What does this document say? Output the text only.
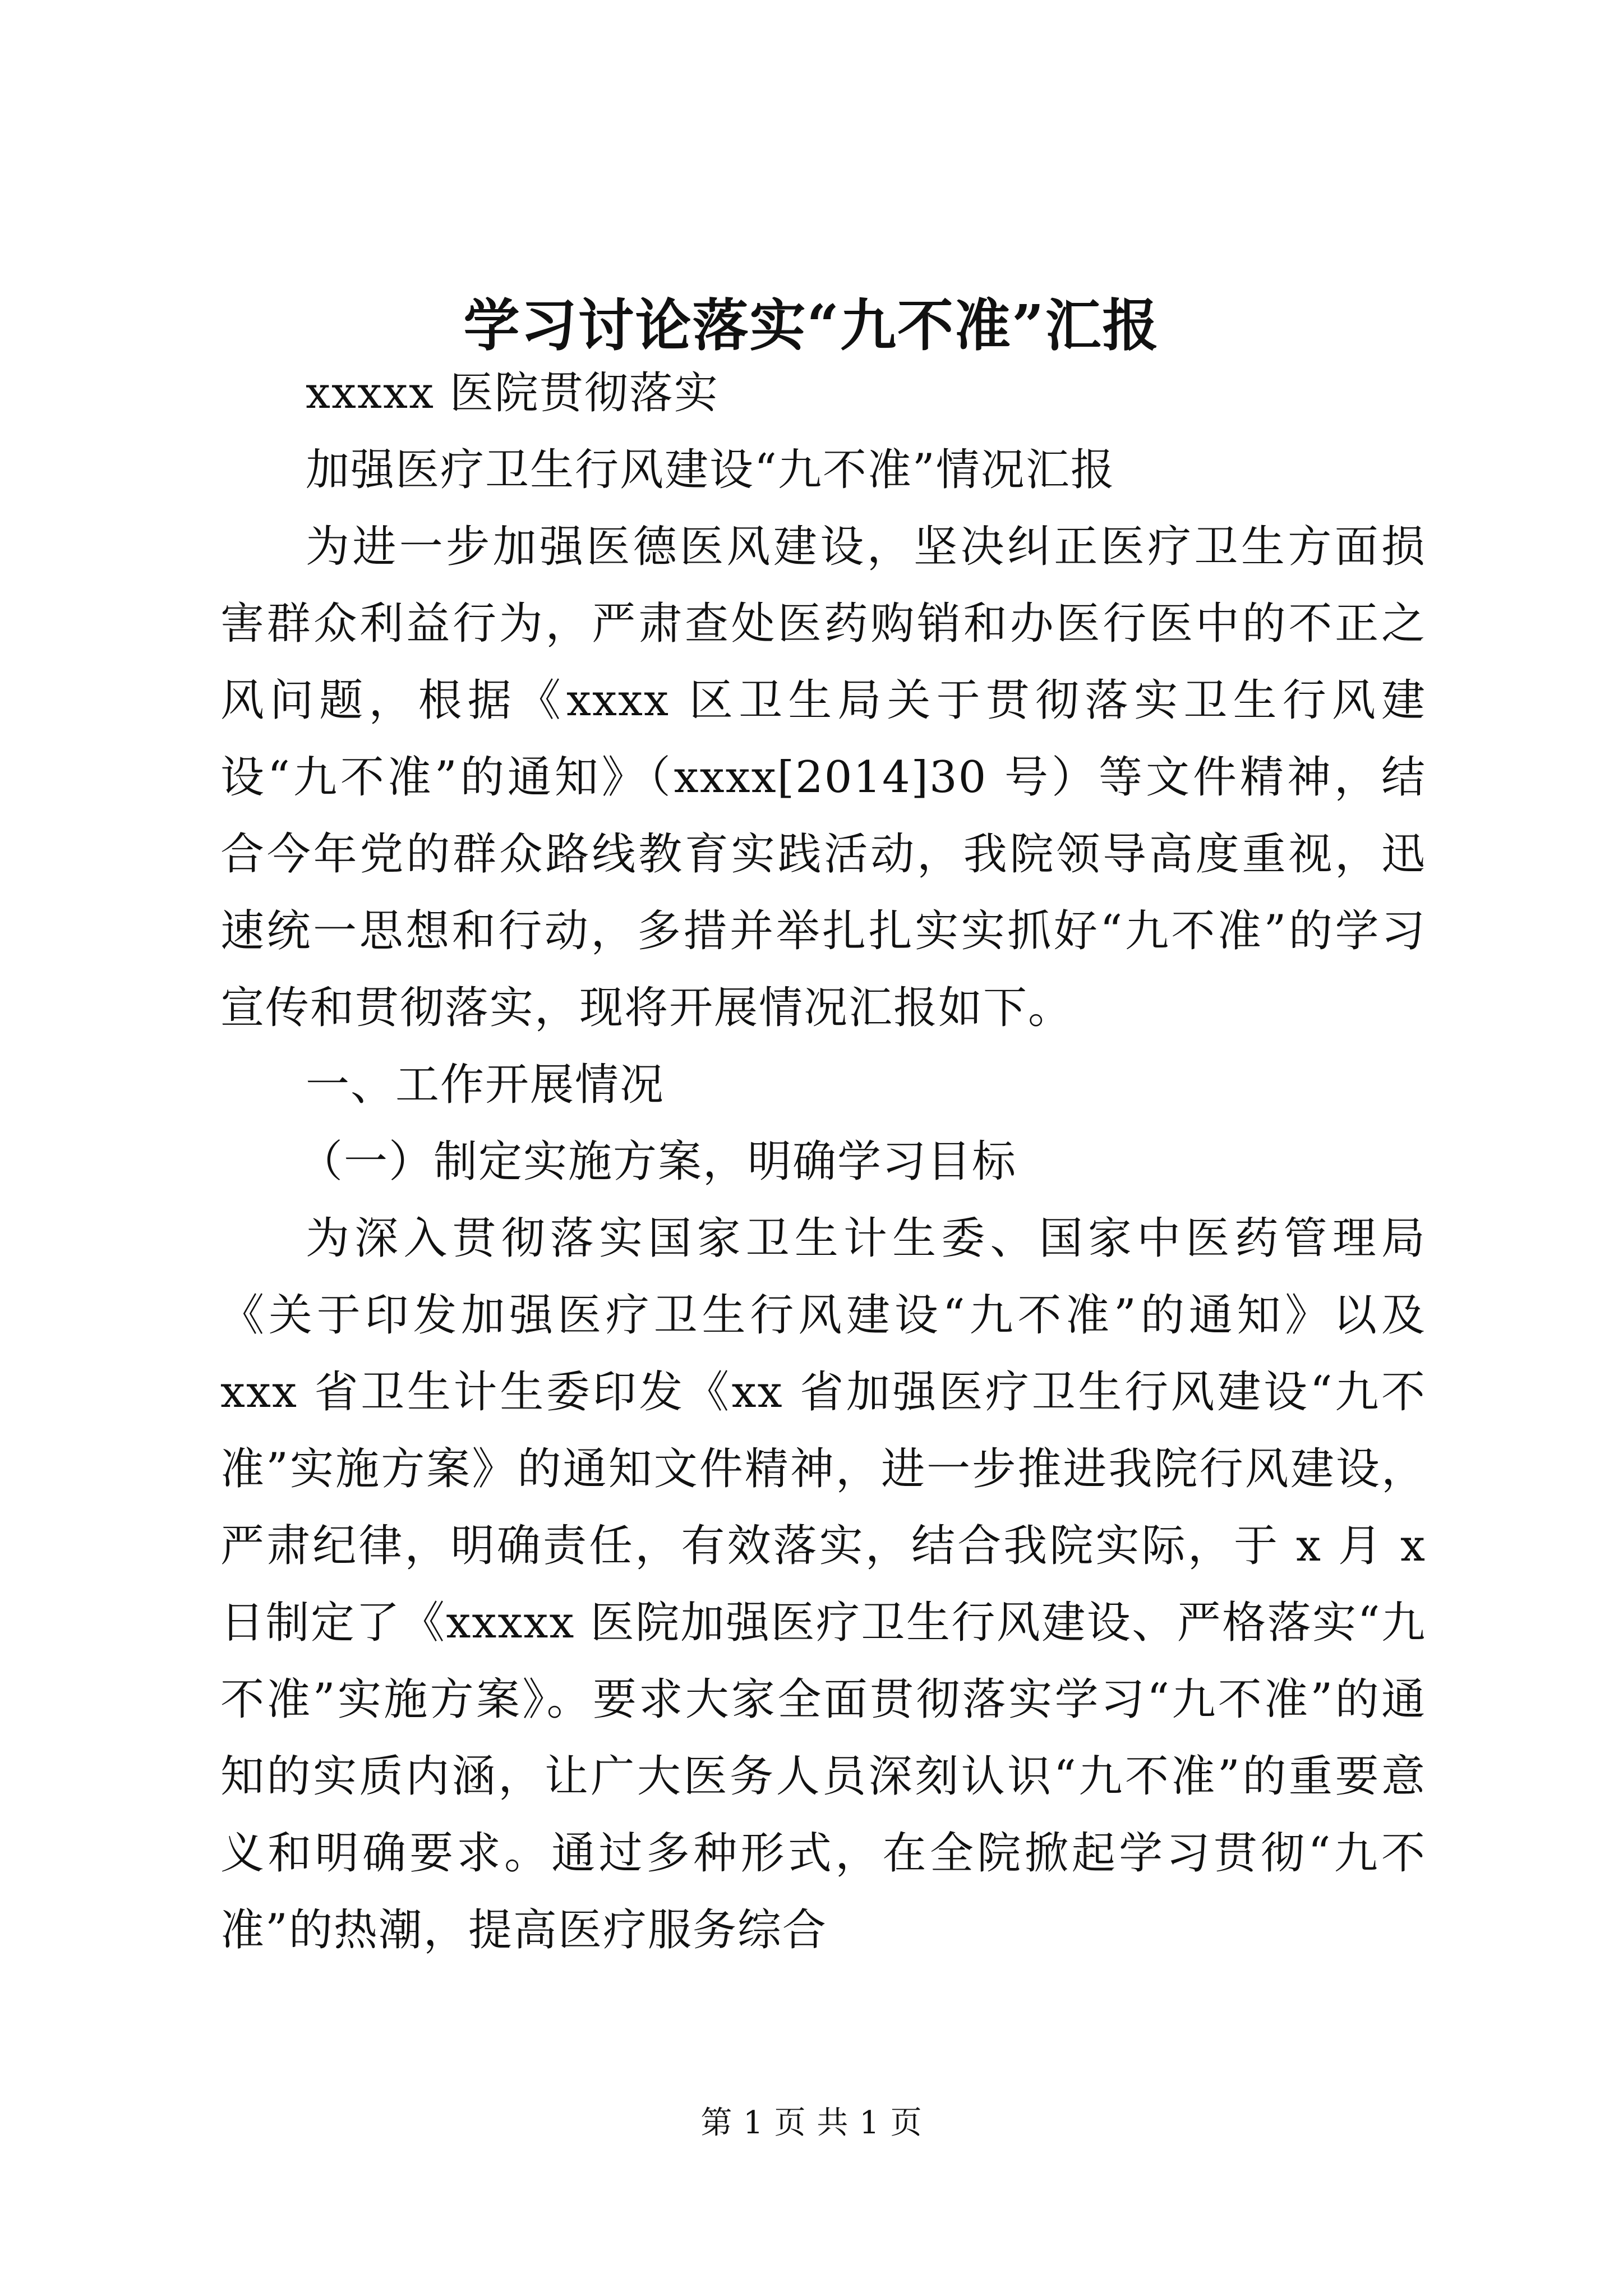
学习讨论落实“九不准”汇报

xxxxx 医院贯彻落实

加强医疗卫生行风建设“九不准”情况汇报

为进一步加强医德医风建设，坚决纠正医疗卫生方面损害群众利益行为，严肃查处医药购销和办医行医中的不正之风问题，根据《xxxx 区卫生局关于贯彻落实卫生行风建设“九不准”的通知》（xxxx[2014]30 号）等文件精神，结合今年党的群众路线教育实践活动，我院领导高度重视，迅速统一思想和行动，多措并举扎扎实实抓好“九不准”的学习宣传和贯彻落实，现将开展情况汇报如下。

一、工作开展情况

（一）制定实施方案，明确学习目标

为深入贯彻落实国家卫生计生委、国家中医药管理局《关于印发加强医疗卫生行风建设“九不准”的通知》以及 xxx 省卫生计生委印发《xx 省加强医疗卫生行风建设“九不准”实施方案》的通知文件精神，进一步推进我院行风建设，严肃纪律，明确责任，有效落实，结合我院实际，于 x 月 x 日制定了《xxxxx 医院加强医疗卫生行风建设、严格落实“九不准”实施方案》。要求大家全面贯彻落实学习“九不准”的通知的实质内涵，让广大医务人员深刻认识“九不准”的重要意义和明确要求。通过多种形式，在全院掀起学习贯彻“九不准”的热潮，提高医疗服务综合

第 1 页 共 1 页
